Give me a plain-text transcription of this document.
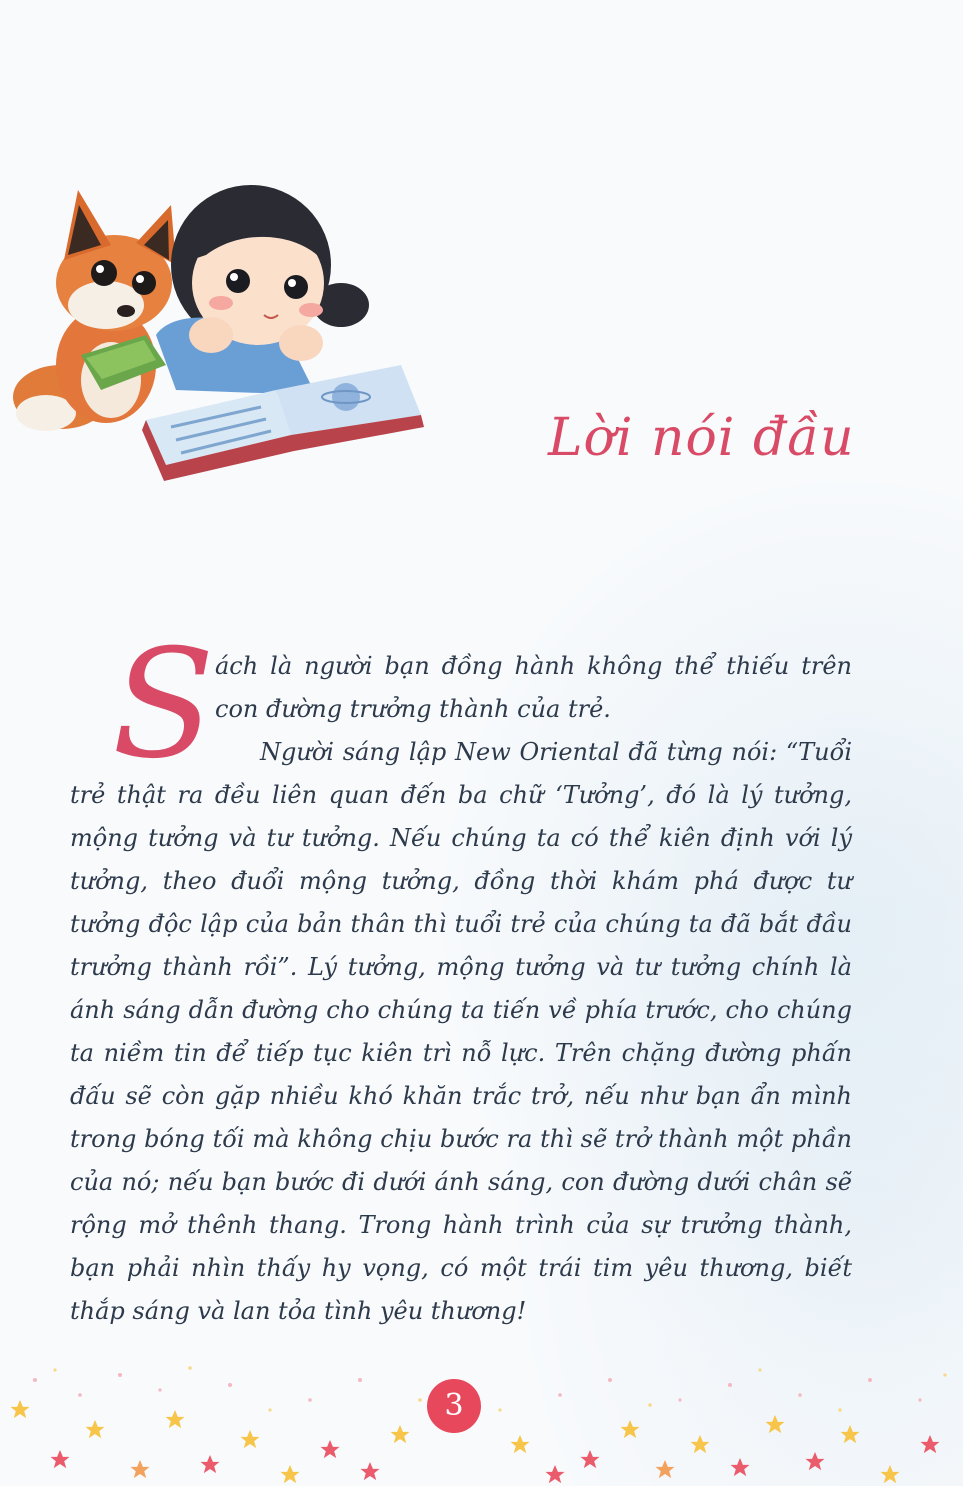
Lời nói đầu
S ách là người bạn đồng hành không thể thiếu trên con đường trưởng thành của trẻ.

Người sáng lập New Oriental đã từng nói: “Tuổi trẻ thật ra đều liên quan đến ba chữ ‘Tưởng’, đó là lý tưởng, mộng tưởng và tư tưởng. Nếu chúng ta có thể kiên định với lý tưởng, theo đuổi mộng tưởng, đồng thời khám phá được tư tưởng độc lập của bản thân thì tuổi trẻ của chúng ta đã bắt đầu trưởng thành rồi”. Lý tưởng, mộng tưởng và tư tưởng chính là ánh sáng dẫn đường cho chúng ta tiến về phía trước, cho chúng ta niềm tin để tiếp tục kiên trì nỗ lực. Trên chặng đường phấn đấu sẽ còn gặp nhiều khó khăn trắc trở, nếu như bạn ẩn mình trong bóng tối mà không chịu bước ra thì sẽ trở thành một phần của nó; nếu bạn bước đi dưới ánh sáng, con đường dưới chân sẽ rộng mở thênh thang. Trong hành trình của sự trưởng thành, bạn phải nhìn thấy hy vọng, có một trái tim yêu thương, biết thắp sáng và lan tỏa tình yêu thương!

3
